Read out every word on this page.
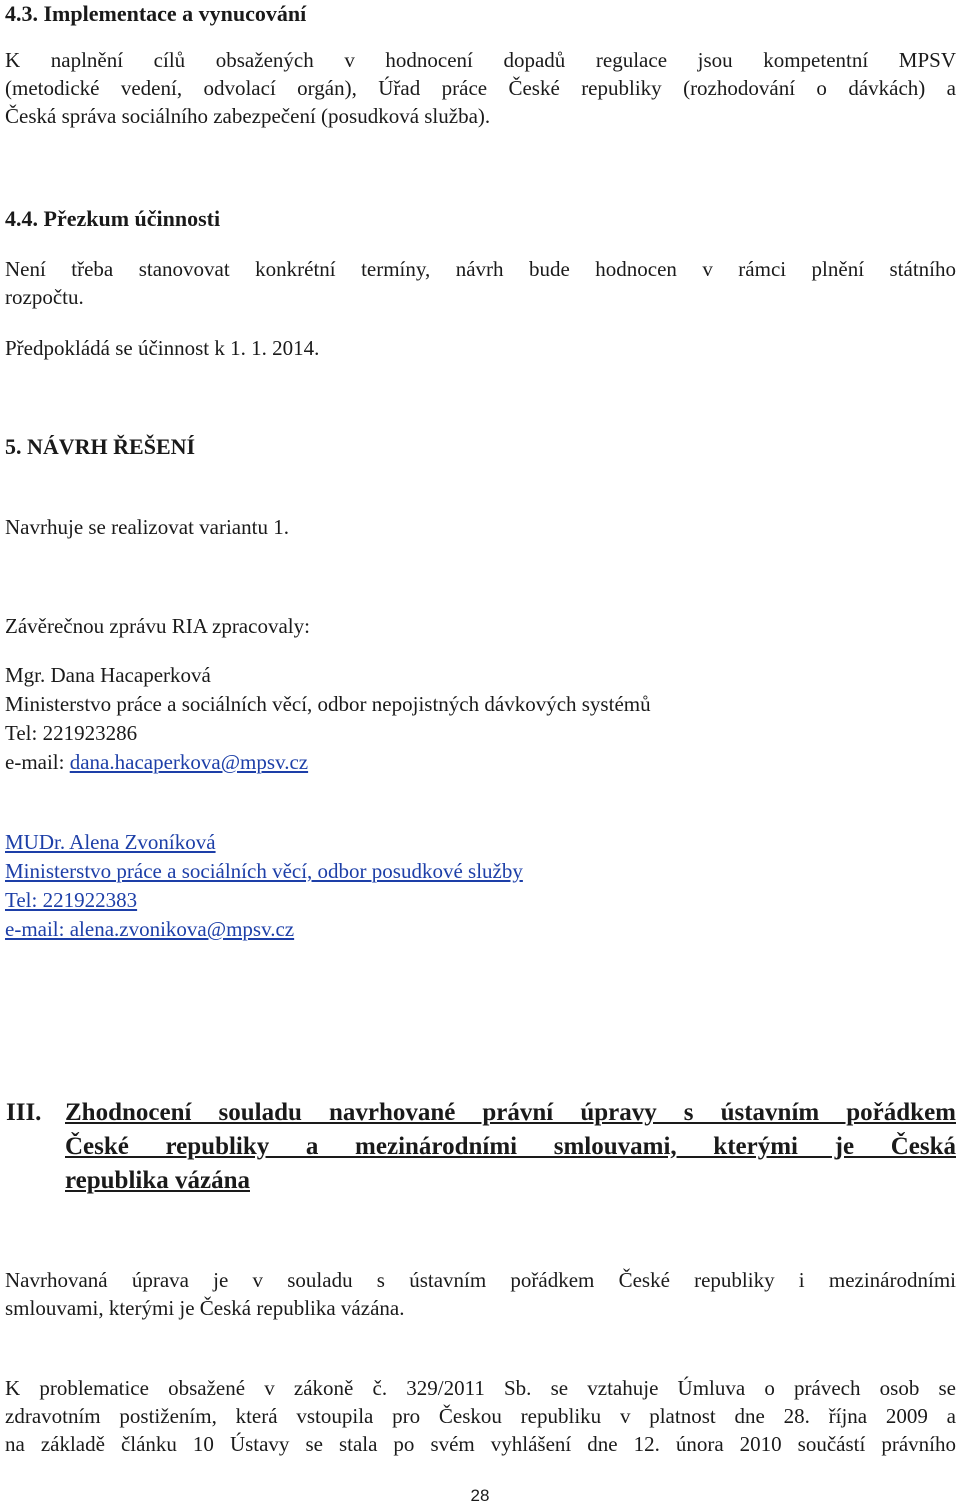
4.3. Implementace a vynucování
K naplnění cílů obsažených v hodnocení dopadů regulace jsou kompetentní MPSV
(metodické vedení, odvolací orgán), Úřad práce České republiky (rozhodování o dávkách) a
Česká správa sociálního zabezpečení (posudková služba).
4.4. Přezkum účinnosti
Není třeba stanovovat konkrétní termíny, návrh bude hodnocen v rámci plnění státního
rozpočtu.
Předpokládá se účinnost k 1. 1. 2014.
5. NÁVRH ŘEŠENÍ
Navrhuje se realizovat variantu 1.
Závěrečnou zprávu RIA zpracovaly:
Mgr. Dana Hacaperková
Ministerstvo práce a sociálních věcí, odbor nepojistných dávkových systémů
Tel: 221923286
e-mail: dana.hacaperkova@mpsv.cz
MUDr. Alena Zvoníková
Ministerstvo práce a sociálních věcí, odbor posudkové služby
Tel: 221922383
e-mail: alena.zvonikova@mpsv.cz
III. Zhodnocení souladu navrhované právní úpravy s ústavním pořádkem
České republiky a mezinárodními smlouvami, kterými je Česká
republika vázána
Navrhovaná úprava je v souladu s ústavním pořádkem České republiky i mezinárodními
smlouvami, kterými je Česká republika vázána.
K problematice obsažené v zákoně č. 329/2011 Sb. se vztahuje Úmluva o právech osob se
zdravotním postižením, která vstoupila pro Českou republiku v platnost dne 28. října 2009 a
na základě článku 10 Ústavy se stala po svém vyhlášení dne 12. února 2010 součástí právního
28
